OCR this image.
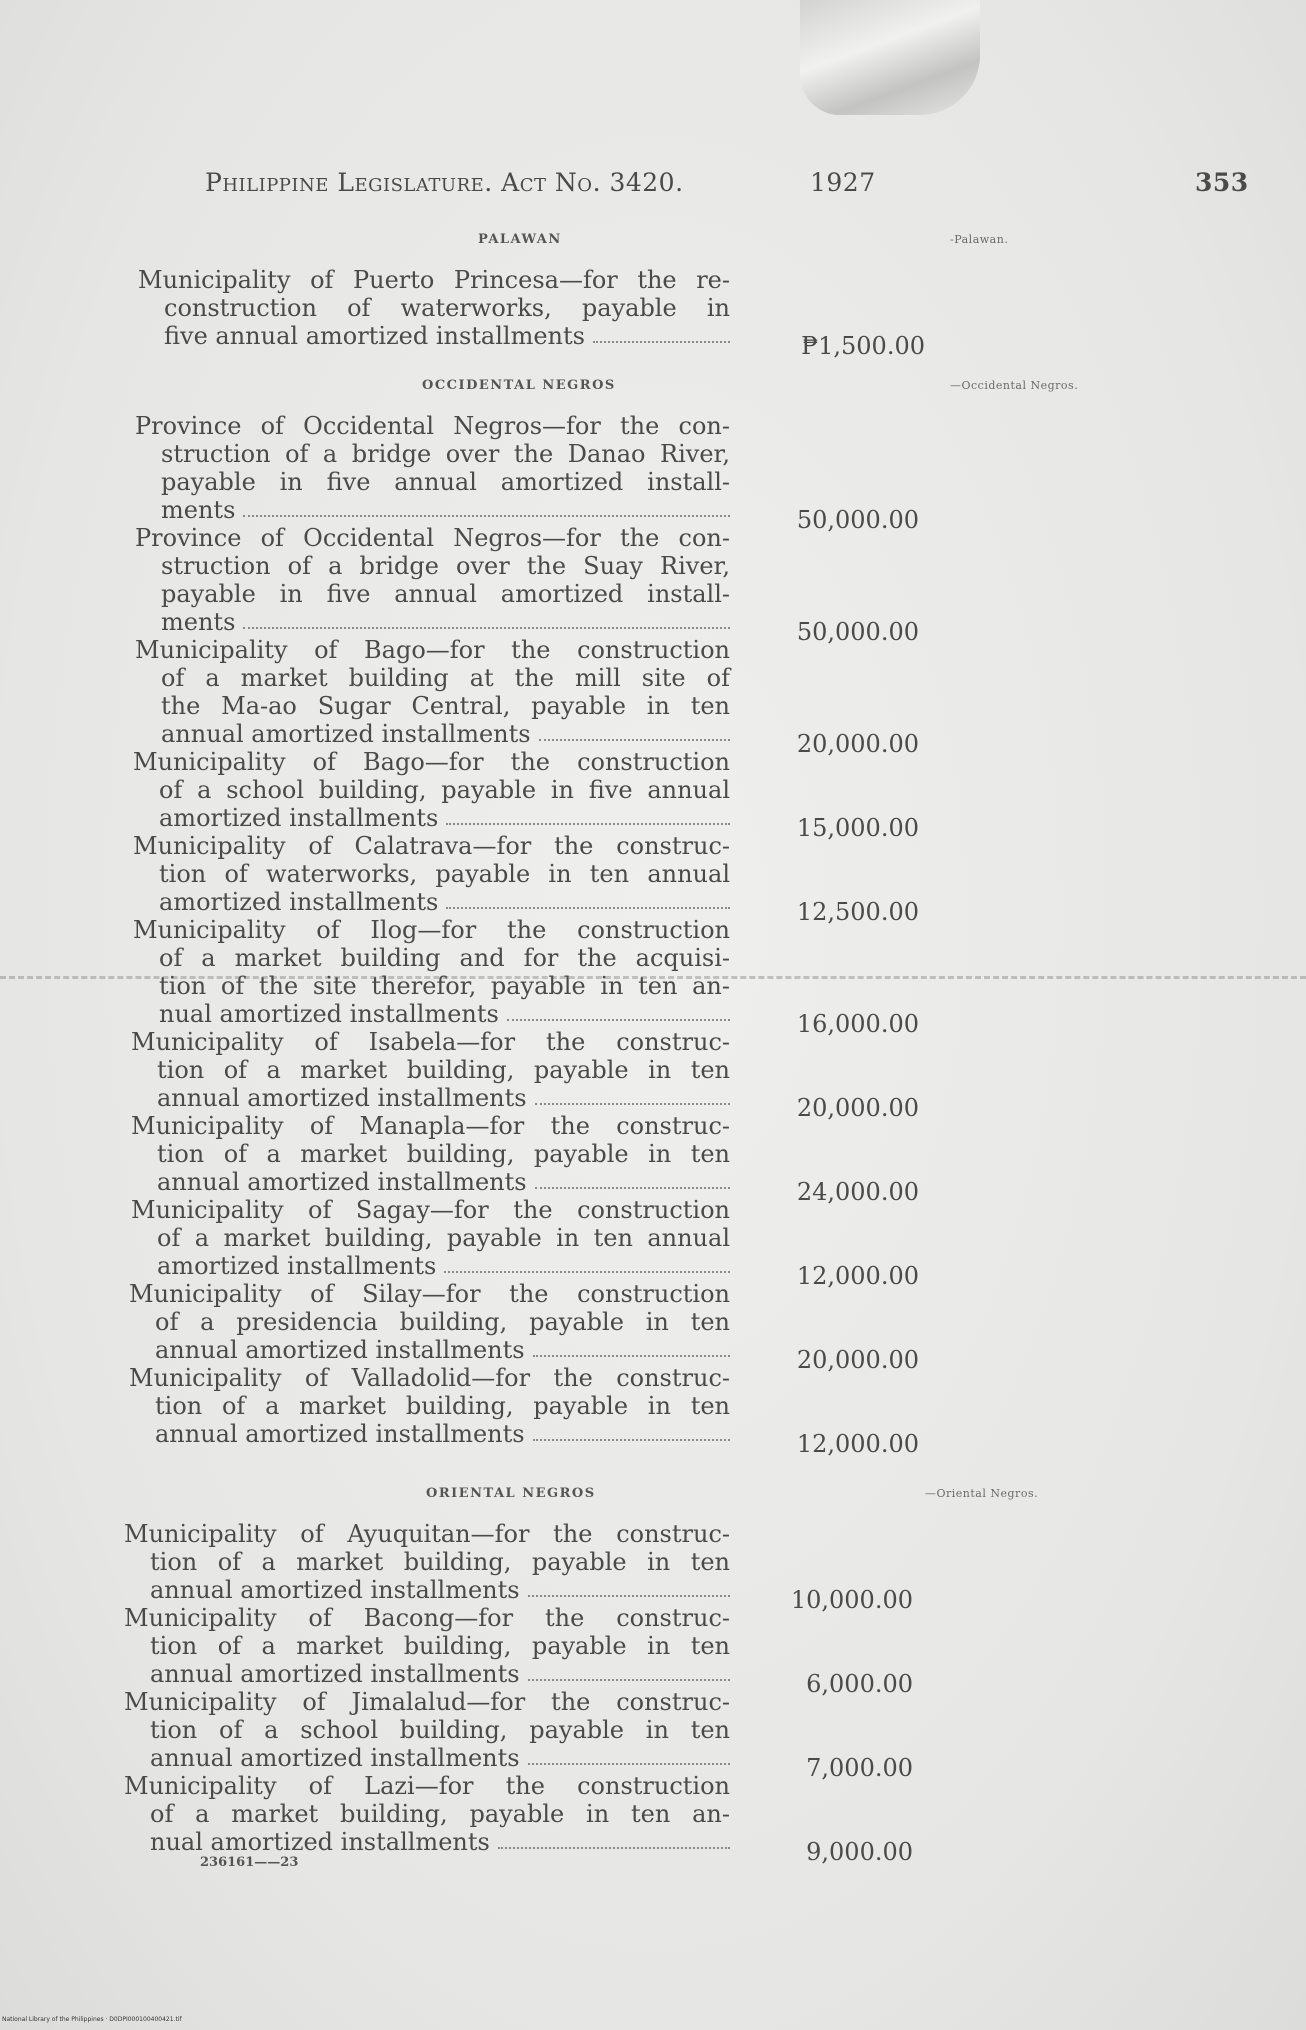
Philippine Legislature. Act No. 3420.	1927	353
PALAWAN	-Palawan.
Municipality of Puerto Princesa—for the re-
construction of waterworks, payable in
five annual amortized installments	₱1,500.00
OCCIDENTAL NEGROS	—Occidental Negros.
Province of Occidental Negros—for the con-
struction of a bridge over the Danao River,
payable in five annual amortized install-
ments	50,000.00
Province of Occidental Negros—for the con-
struction of a bridge over the Suay River,
payable in five annual amortized install-
ments	50,000.00
Municipality of Bago—for the construction
of a market building at the mill site of
the Ma-ao Sugar Central, payable in ten
annual amortized installments	20,000.00
Municipality of Bago—for the construction
of a school building, payable in five annual
amortized installments	15,000.00
Municipality of Calatrava—for the construc-
tion of waterworks, payable in ten annual
amortized installments	12,500.00
Municipality of Ilog—for the construction
of a market building and for the acquisi-
tion of the site therefor, payable in ten an-
nual amortized installments	16,000.00
Municipality of Isabela—for the construc-
tion of a market building, payable in ten
annual amortized installments	20,000.00
Municipality of Manapla—for the construc-
tion of a market building, payable in ten
annual amortized installments	24,000.00
Municipality of Sagay—for the construction
of a market building, payable in ten annual
amortized installments	12,000.00
Municipality of Silay—for the construction
of a presidencia building, payable in ten
annual amortized installments	20,000.00
Municipality of Valladolid—for the construc-
tion of a market building, payable in ten
annual amortized installments	12,000.00
ORIENTAL NEGROS	—Oriental Negros.
Municipality of Ayuquitan—for the construc-
tion of a market building, payable in ten
annual amortized installments	10,000.00
Municipality of Bacong—for the construc-
tion of a market building, payable in ten
annual amortized installments	6,000.00
Municipality of Jimalalud—for the construc-
tion of a school building, payable in ten
annual amortized installments	7,000.00
Municipality of Lazi—for the construction
of a market building, payable in ten an-
nual amortized installments	9,000.00
236161——23
National Library of the Philippines · D0DPI000100400421.tif
